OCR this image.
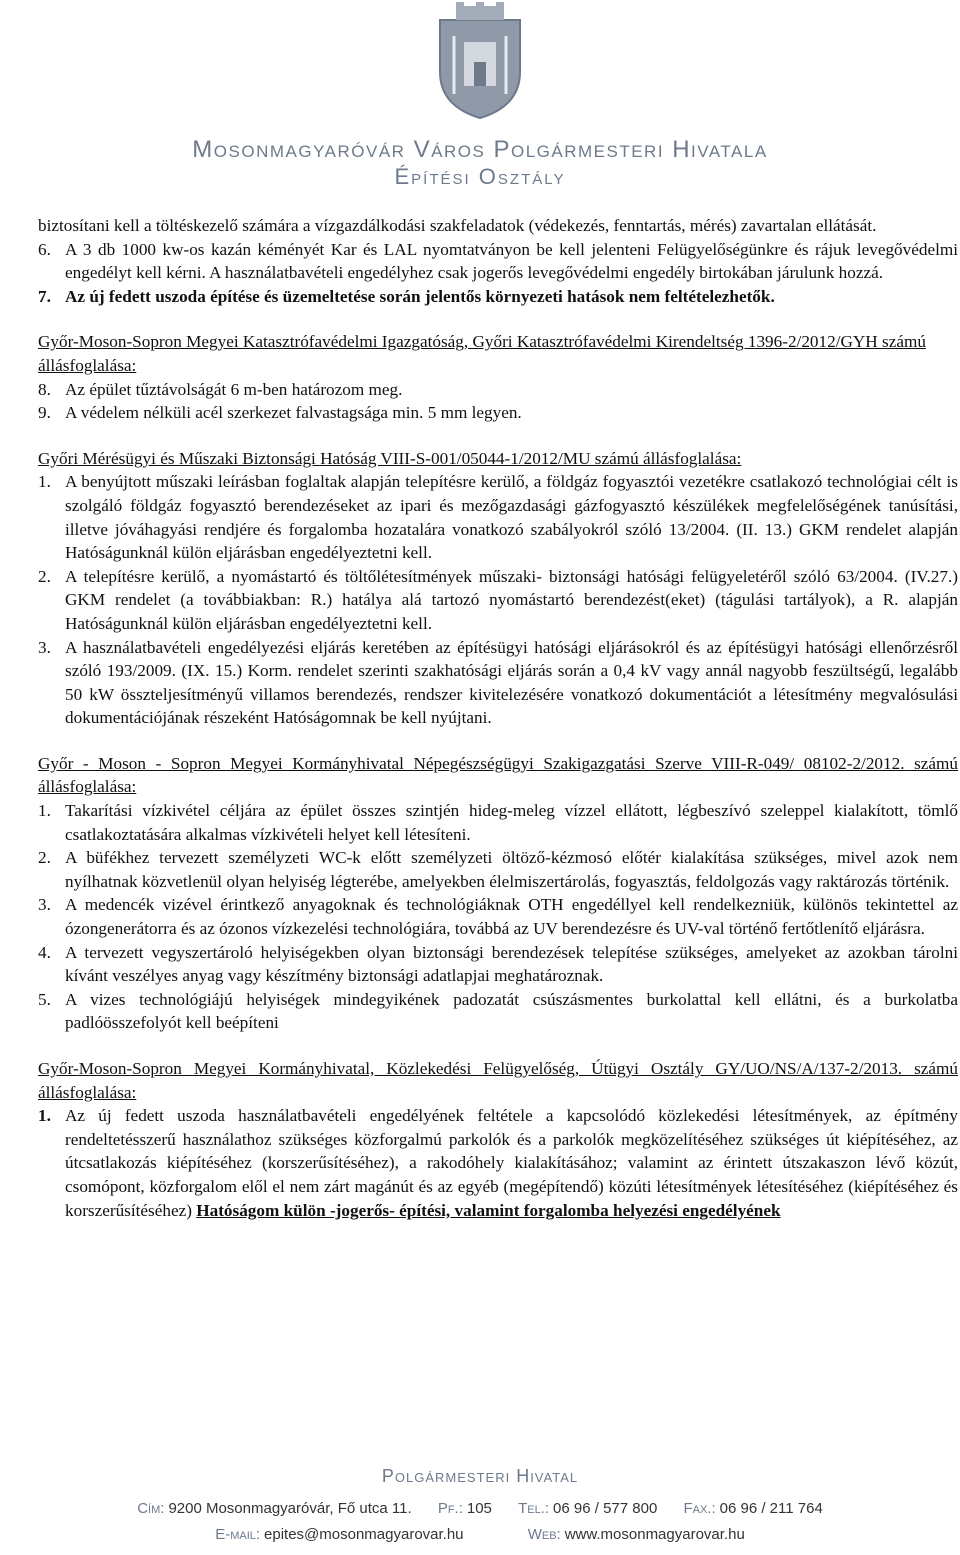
Mosonmagyaróvár Város Polgármesteri Hivatala
Építési Osztály

biztosítani kell a töltéskezelő számára a vízgazdálkodási szakfeladatok (védekezés, fenntartás, mérés) zavartalan ellátását.

6. A 3 db 1000 kw-os kazán kéményét Kar és LAL nyomtatványon be kell jelenteni Felügyelőségünkre és rájuk levegővédelmi engedélyt kell kérni. A használatbavételi engedélyhez csak jogerős levegővédelmi engedély birtokában járulunk hozzá.
7. Az új fedett uszoda építése és üzemeltetése során jelentős környezeti hatások nem feltételezhetők.

Győr-Moson-Sopron Megyei Katasztrófavédelmi Igazgatóság, Győri Katasztrófavédelmi Kirendeltség 1396-2/2012/GYH számú állásfoglalása:

8. Az épület tűztávolságát 6 m-ben határozom meg.
9. A védelem nélküli acél szerkezet falvastagsága min. 5 mm legyen.

Győri Mérésügyi és Műszaki Biztonsági Hatóság VIII-S-001/05044-1/2012/MU számú állásfoglalása:

1. A benyújtott műszaki leírásban foglaltak alapján telepítésre kerülő, a földgáz fogyasztói vezetékre csatlakozó technológiai célt is szolgáló földgáz fogyasztó berendezéseket az ipari és mezőgazdasági gázfogyasztó készülékek megfelelőségének tanúsítási, illetve jóváhagyási rendjére és forgalomba hozatalára vonatkozó szabályokról szóló 13/2004. (II. 13.) GKM rendelet alapján Hatóságunknál külön eljárásban engedélyeztetni kell.
2. A telepítésre kerülő, a nyomástartó és töltőlétesítmények műszaki- biztonsági hatósági felügyeletéről szóló 63/2004. (IV.27.) GKM rendelet (a továbbiakban: R.) hatálya alá tartozó nyomástartó berendezést(eket) (tágulási tartályok), a R. alapján Hatóságunknál külön eljárásban engedélyeztetni kell.
3. A használatbavételi engedélyezési eljárás keretében az építésügyi hatósági eljárásokról és az építésügyi hatósági ellenőrzésről szóló 193/2009. (IX. 15.) Korm. rendelet szerinti szakhatósági eljárás során a 0,4 kV vagy annál nagyobb feszültségű, legalább 50 kW összteljesítményű villamos berendezés, rendszer kivitelezésére vonatkozó dokumentációt a létesítmény megvalósulási dokumentációjának részeként Hatóságomnak be kell nyújtani.

Győr - Moson - Sopron Megyei Kormányhivatal Népegészségügyi Szakigazgatási Szerve VIII-R-049/ 08102-2/2012. számú állásfoglalása:

1. Takarítási vízkivétel céljára az épület összes szintjén hideg-meleg vízzel ellátott, légbeszívó szeleppel kialakított, tömlő csatlakoztatására alkalmas vízkivételi helyet kell létesíteni.
2. A büfékhez tervezett személyzeti WC-k előtt személyzeti öltöző-kézmosó előtér kialakítása szükséges, mivel azok nem nyílhatnak közvetlenül olyan helyiség légterébe, amelyekben élelmiszertárolás, fogyasztás, feldolgozás vagy raktározás történik.
3. A medencék vizével érintkező anyagoknak és technológiáknak OTH engedéllyel kell rendelkezniük, különös tekintettel az ózongenerátorra és az ózonos vízkezelési technológiára, továbbá az UV berendezésre és UV-val történő fertőtlenítő eljárásra.
4. A tervezett vegyszertároló helyiségekben olyan biztonsági berendezések telepítése szükséges, amelyeket az azokban tárolni kívánt veszélyes anyag vagy készítmény biztonsági adatlapjai meghatároznak.
5. A vizes technológiájú helyiségek mindegyikének padozatát csúszásmentes burkolattal kell ellátni, és a burkolatba padlóösszefolyót kell beépíteni

Győr-Moson-Sopron Megyei Kormányhivatal, Közlekedési Felügyelőség, Útügyi Osztály GY/UO/NS/A/137-2/2013. számú állásfoglalása:

1. Az új fedett uszoda használatbavételi engedélyének feltétele a kapcsolódó közlekedési létesítmények, az építmény rendeltetésszerű használathoz szükséges közforgalmú parkolók és a parkolók megközelítéséhez szükséges út kiépítéséhez, az útcsatlakozás kiépítéséhez (korszerűsítéséhez), a rakodóhely kialakításához; valamint az érintett útszakaszon lévő közút, csomópont, közforgalom elől el nem zárt magánút és az egyéb (megépítendő) közúti létesítmények létesítéséhez (kiépítéséhez és korszerűsítéséhez) Hatóságom külön -jogerős- építési, valamint forgalomba helyezési engedélyének
Polgármesteri Hivatal
Cím: 9200 Mosonmagyaróvár, Fő utca 11. Pf.: 105 Tel.: 06 96 / 577 800 Fax.: 06 96 / 211 764
E-mail: epites@mosonmagyarovar.hu	Web: www.mosonmagyarovar.hu
